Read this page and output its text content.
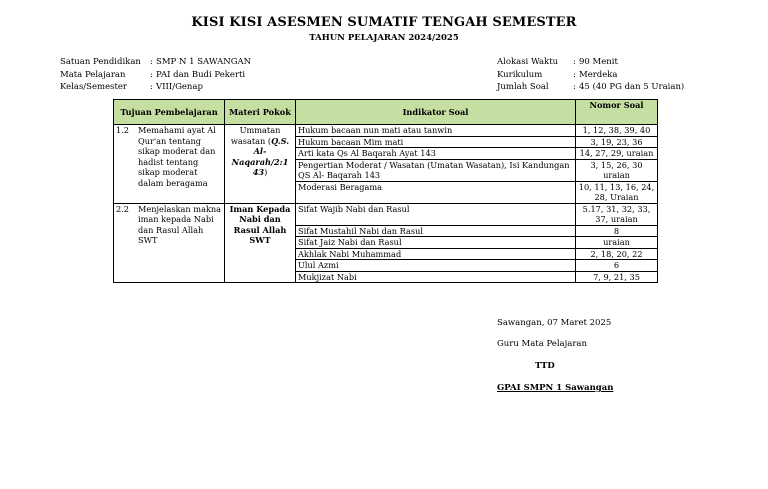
KISI KISI ASESMEN SUMATIF TENGAH SEMESTER
TAHUN PELAJARAN 2024/2025
Satuan Pendidikan	: SMP N 1 SAWANGAN
Mata Pelajaran	: PAI dan Budi Pekerti
Kelas/Semester	: VIII/Genap
Alokasi Waktu	: 90 Menit
Kurikulum	: Merdeka
Jumlah Soal	: 45 (40 PG dan 5 Uraian)
Tujuan Pembelajaran	Materi Pokok	Indikator Soal	Nomor Soal

1.2 Memahami ayat Al Qur'an tentang sikap moderat dan hadist tentang sikap moderat dalam beragama	Ummatan wasatan (Q.S. Al-Naqarah/2:1 43)	Hukum bacaan nun mati atau tanwin	1, 12, 38, 39, 40
		Hukum bacaan Mim mati	3, 19, 23, 36
		Arti kata Qs Al Baqarah Ayat 143	14, 27, 29, uraian
		Pengertian Moderat / Wasatan (Umatan Wasatan), Isi Kandungan QS Al- Baqarah 143	3, 15, 26, 30 uraian
		Moderasi Beragama	10, 11, 13, 16, 24, 28, Uraian

2.2 Menjelaskan makna iman kepada Nabi dan Rasul Allah SWT	Iman Kepada Nabi dan Rasul Allah SWT	Sifat Wajib Nabi dan Rasul	5.17, 31, 32, 33, 37, uraian
		Sifat Mustahil Nabi dan Rasul	8
		Sifat Jaiz Nabi dan Rasul	uraian
		Akhlak Nabi Muhammad	2, 18, 20, 22
		Ulul Azmi	6
		Mukjizat Nabi	7, 9, 21, 35
Sawangan, 07 Maret 2025
Guru Mata Pelajaran
TTD
GPAI SMPN 1 Sawangan
